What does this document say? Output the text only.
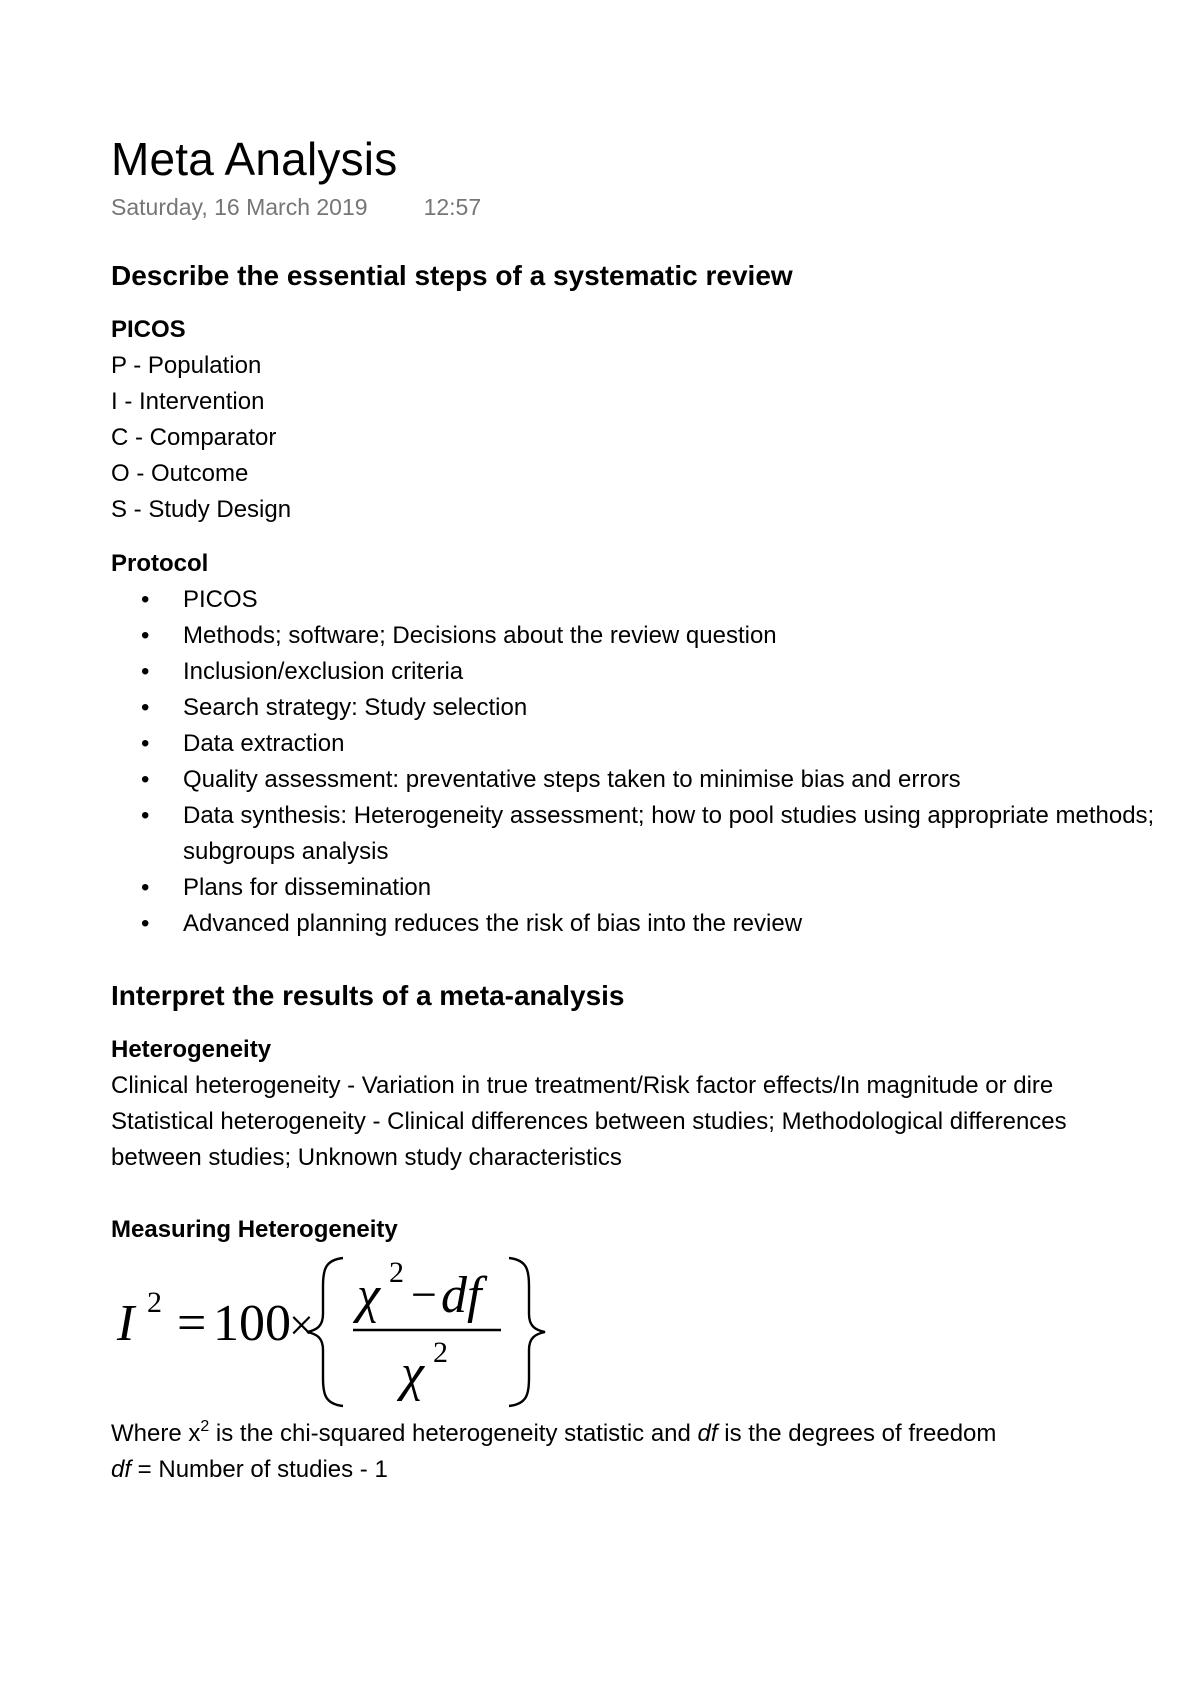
Meta Analysis
Saturday, 16 March 2019 12:57
Describe the essential steps of a systematic review
PICOS
P - Population
I - Intervention
C - Comparator
O - Outcome
S - Study Design
Protocol
• PICOS
• Methods; software; Decisions about the review question
• Inclusion/exclusion criteria
• Search strategy: Study selection
• Data extraction
• Quality assessment: preventative steps taken to minimise bias and errors
• Data synthesis: Heterogeneity assessment; how to pool studies using appropriate methods; subgroups analysis
• Plans for dissemination
• Advanced planning reduces the risk of bias into the review
Interpret the results of a meta-analysis
Heterogeneity
Clinical heterogeneity - Variation in true treatment/Risk factor effects/In magnitude or dire
Statistical heterogeneity - Clinical differences between studies; Methodological differences
between studies; Unknown study characteristics
Measuring Heterogeneity
I 2 = 100
×
χ 2 − df
χ 2
Where $x^2$ is the chi-squared heterogeneity statistic and df is the degrees of freedom
df = Number of studies - 1
